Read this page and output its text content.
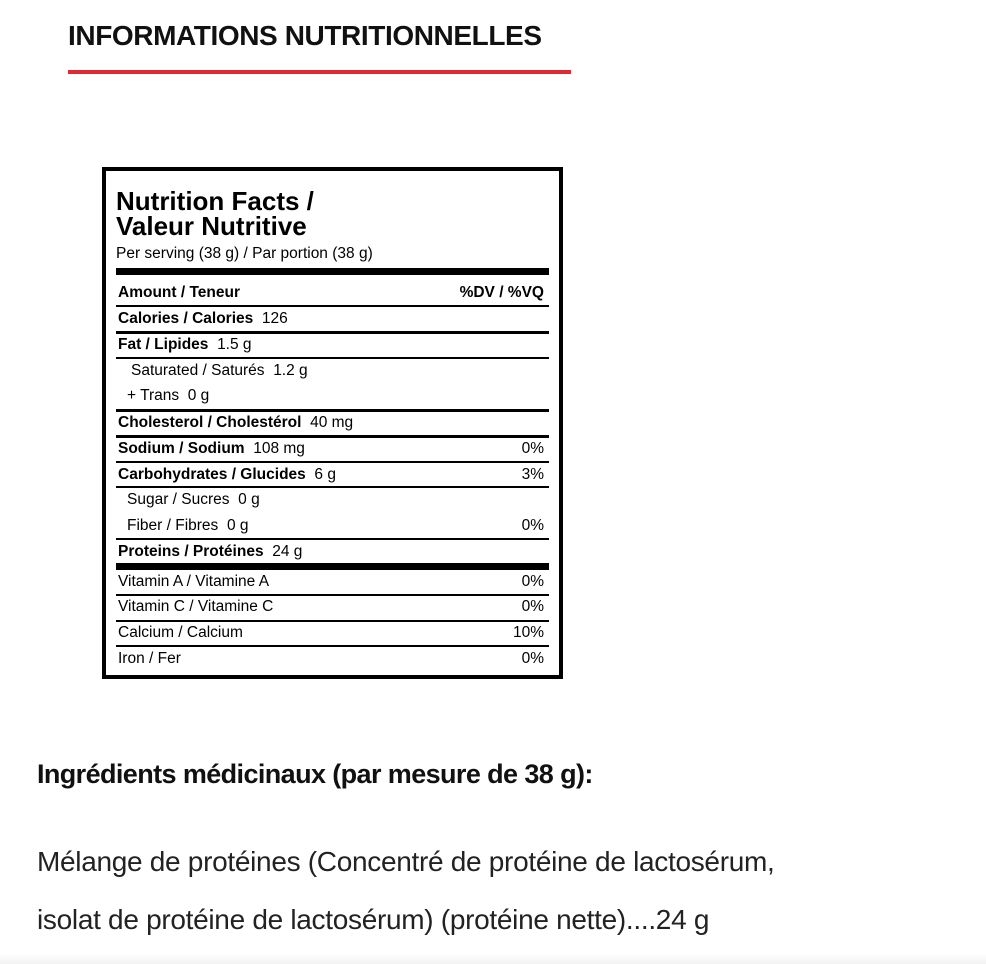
INFORMATIONS NUTRITIONNELLES
Nutrition Facts /
Valeur Nutritive
Per serving (38 g) / Par portion (38 g)
Amount / Teneur	%DV / %VQ
Calories / Calories 126
Fat / Lipides 1.5 g
Saturated / Saturés 1.2 g
+ Trans 0 g
Cholesterol / Cholestérol 40 mg
Sodium / Sodium 108 mg	0%
Carbohydrates / Glucides 6 g	3%
Sugar / Sucres 0 g
Fiber / Fibres 0 g	0%
Proteins / Protéines 24 g
Vitamin A / Vitamine A	0%
Vitamin C / Vitamine C	0%
Calcium / Calcium	10%
Iron / Fer	0%
Ingrédients médicinaux (par mesure de 38 g):
Mélange de protéines (Concentré de protéine de lactosérum,
isolat de protéine de lactosérum) (protéine nette)....24 g
